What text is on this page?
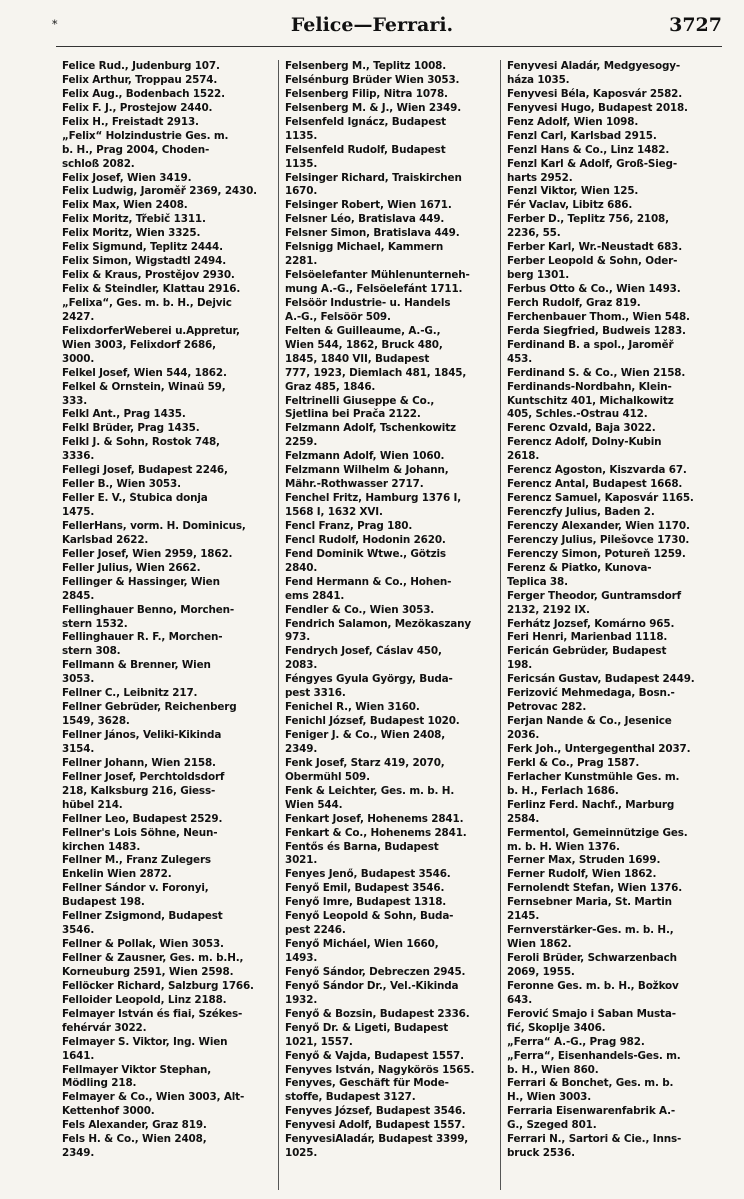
*	Felice—Ferrari.	3727
Felice Rud., Judenburg 107.
Felix Arthur, Troppau 2574.
Felix Aug., Bodenbach 1522.
Felix F. J., Prostejow 2440.
Felix H., Freistadt 2913.
„Felix“ Holzindustrie Ges. m.
b. H., Prag 2004, Choden-
schloß 2082.
Felix Josef, Wien 3419.
Felix Ludwig, Jaroměř 2369, 2430.
Felix Max, Wien 2408.
Felix Moritz, Třebič 1311.
Felix Moritz, Wien 3325.
Felix Sigmund, Teplitz 2444.
Felix Simon, Wigstadtl 2494.
Felix & Kraus, Prostějov 2930.
Felix & Steindler, Klattau 2916.
„Felixa“, Ges. m. b. H., Dejvic
2427.
FelixdorferWeberei u.Appretur,
Wien 3003, Felixdorf 2686,
3000.
Felkel Josef, Wien 544, 1862.
Felkel & Ornstein, Winaü 59,
333.
Felkl Ant., Prag 1435.
Felkl Brüder, Prag 1435.
Felkl J. & Sohn, Rostok 748,
3336.
Fellegi Josef, Budapest 2246,
Feller B., Wien 3053.
Feller E. V., Štubica donja
1475.
FellerHans, vorm. H. Dominicus,
Karlsbad 2622.
Feller Josef, Wien 2959, 1862.
Feller Julius, Wien 2662.
Fellinger & Hassinger, Wien
2845.
Fellinghauer Benno, Morchen-
stern 1532.
Fellinghauer R. F., Morchen-
stern 308.
Fellmann & Brenner, Wien
3053.
Fellner C., Leibnitz 217.
Fellner Gebrüder, Reichenberg
1549, 3628.
Fellner János, Veliki-Kikinda
3154.
Fellner Johann, Wien 2158.
Fellner Josef, Perchtoldsdorf
218, Kalksburg 216, Giess-
hübel 214.
Fellner Leo, Budapest 2529.
Fellner's Lois Söhne, Neun-
kirchen 1483.
Fellner M., Franz Zulegers
Enkelin Wien 2872.
Fellner Sándor v. Foronyi,
Budapest 198.
Fellner Zsigmond, Budapest
3546.
Fellner & Pollak, Wien 3053.
Fellner & Zausner, Ges. m. b.H.,
Korneuburg 2591, Wien 2598.
Fellöcker Richard, Salzburg 1766.
Felloider Leopold, Linz 2188.
Felmayer István és fiai, Székes-
fehérvár 3022.
Felmayer S. Viktor, Ing. Wien
1641.
Fellmayer Viktor Stephan,
Mödling 218.
Felmayer & Co., Wien 3003, Alt-
Kettenhof 3000.
Fels Alexander, Graz 819.
Fels H. & Co., Wien 2408,
2349.
Felsenberg M., Teplitz 1008.
Felsénburg Brüder Wien 3053.
Felsenberg Filip, Nitra 1078.
Felsenberg M. & J., Wien 2349.
Felsenfeld Ignácz, Budapest
1135.
Felsenfeld Rudolf, Budapest
1135.
Felsinger Richard, Traiskirchen
1670.
Felsinger Robert, Wien 1671.
Felsner Léo, Bratislava 449.
Felsner Simon, Bratislava 449.
Felsnigg Michael, Kammern
2281.
Felsöelefanter Mühlenunterneh-
mung A.-G., Felsöelefánt 1711.
Felsöör Industrie- u. Handels
A.-G., Felsöör 509.
Felten & Guilleaume, A.-G.,
Wien 544, 1862, Bruck 480,
1845, 1840 VII, Budapest
777, 1923, Diemlach 481, 1845,
Graz 485, 1846.
Feltrinelli Giuseppe & Co.,
Sjetlina bei Prača 2122.
Felzmann Adolf, Tschenkowitz
2259.
Felzmann Adolf, Wien 1060.
Felzmann Wilhelm & Johann,
Mähr.-Rothwasser 2717.
Fenchel Fritz, Hamburg 1376 I,
1568 I, 1632 XVI.
Fencl Franz, Prag 180.
Fencl Rudolf, Hodonin 2620.
Fend Dominik Wtwe., Götzis
2840.
Fend Hermann & Co., Hohen-
ems 2841.
Fendler & Co., Wien 3053.
Fendrich Salamon, Mezökaszany
973.
Fendrych Josef, Čáslav 450,
2083.
Féngyes Gyula György, Buda-
pest 3316.
Fenichel R., Wien 3160.
Fenichl József, Budapest 1020.
Feniger J. & Co., Wien 2408,
2349.
Fenk Josef, Starz 419, 2070,
Obermühl 509.
Fenk & Leichter, Ges. m. b. H.
Wien 544.
Fenkart Josef, Hohenems 2841.
Fenkart & Co., Hohenems 2841.
Fentős és Barna, Budapest
3021.
Fenyes Jenő, Budapest 3546.
Fenyő Emil, Budapest 3546.
Fenyő Imre, Budapest 1318.
Fenyő Leopold & Sohn, Buda-
pest 2246.
Fenyő Micháel, Wien 1660,
1493.
Fenyő Sándor, Debreczen 2945.
Fenyő Sándor Dr., Vel.-Kikinda
1932.
Fenyő & Bozsin, Budapest 2336.
Fenyő Dr. & Ligeti, Budapest
1021, 1557.
Fenyő & Vajda, Budapest 1557.
Fenyves István, Nagykörös 1565.
Fenyves, Geschäft für Mode-
stoffe, Budapest 3127.
Fenyves József, Budapest 3546.
Fenyvesi Adolf, Budapest 1557.
FenyvesiAladár, Budapest 3399,
1025.
Fenyvesi Aladár, Medgyesogy-
háza 1035.
Fenyvesi Béla, Kaposvár 2582.
Fenyvesi Hugo, Budapest 2018.
Fenz Adolf, Wien 1098.
Fenzl Carl, Karlsbad 2915.
Fenzl Hans & Co., Linz 1482.
Fenzl Karl & Adolf, Groß-Sieg-
harts 2952.
Fenzl Viktor, Wien 125.
Fér Vaclav, Libitz 686.
Ferber D., Teplitz 756, 2108,
2236, 55.
Ferber Karl, Wr.-Neustadt 683.
Ferber Leopold & Sohn, Oder-
berg 1301.
Ferbus Otto & Co., Wien 1493.
Ferch Rudolf, Graz 819.
Ferchenbauer Thom., Wien 548.
Ferda Siegfried, Budweis 1283.
Ferdinand B. a spol., Jaroměř
453.
Ferdinand S. & Co., Wien 2158.
Ferdinands-Nordbahn, Klein-
Kuntschitz 401, Michalkowitz
405, Schles.-Ostrau 412.
Ferenc Ozvald, Baja 3022.
Ferencz Adolf, Dolny-Kubin
2618.
Ferencz Ágoston, Kiszvarda 67.
Ferencz Antal, Budapest 1668.
Ferencz Samuel, Kaposvár 1165.
Ferenczfy Julius, Baden 2.
Ferenczy Alexander, Wien 1170.
Ferenczy Julius, Pilešovce 1730.
Ferenczy Simon, Potureň 1259.
Ferenz & Piatko, Kunova-
Teplica 38.
Ferger Theodor, Guntramsdorf
2132, 2192 IX.
Ferhátz Jozsef, Komárno 965.
Feri Henri, Marienbad 1118.
Fericán Gebrüder, Budapest
198.
Fericsán Gustav, Budapest 2449.
Ferizović Mehmedaga, Bosn.-
Petrovac 282.
Ferjan Nande & Co., Jesenice
2036.
Ferk Joh., Untergegenthal 2037.
Ferkl & Co., Prag 1587.
Ferlacher Kunstmühle Ges. m.
b. H., Ferlach 1686.
Ferlinz Ferd. Nachf., Marburg
2584.
Fermentol, Gemeinnützige Ges.
m. b. H. Wien 1376.
Ferner Max, Struden 1699.
Ferner Rudolf, Wien 1862.
Fernolendt Stefan, Wien 1376.
Fernsebner Maria, St. Martin
2145.
Fernverstärker-Ges. m. b. H.,
Wien 1862.
Feroli Brüder, Schwarzenbach
2069, 1955.
Feronne Ges. m. b. H., Božkov
643.
Ferović Smajo i Šaban Musta-
fić, Skoplje 3406.
„Ferra“ A.-G., Prag 982.
„Ferra“, Eisenhandels-Ges. m.
b. H., Wien 860.
Ferrari & Bonchet, Ges. m. b.
H., Wien 3003.
Ferraria Eisenwarenfabrik A.-
G., Szeged 801.
Ferrari N., Sartori & Cie., Inns-
bruck 2536.
